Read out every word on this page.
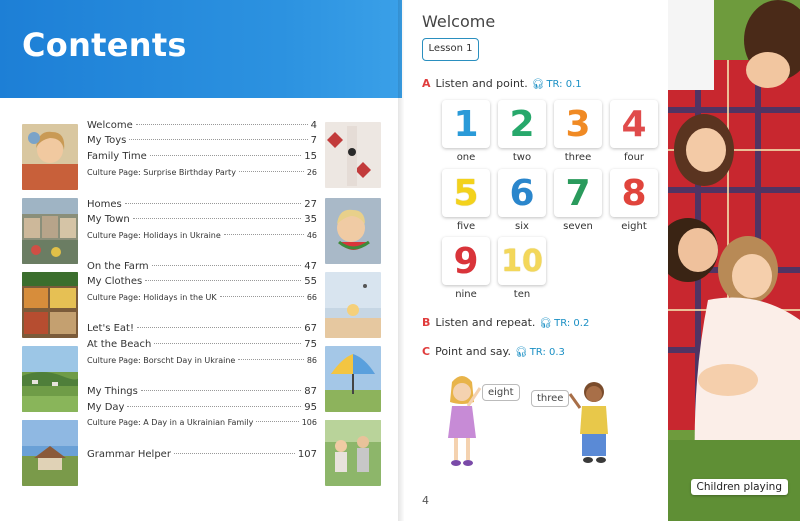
Contents
Welcome	4
My Toys	7
Family Time	15
Culture Page: Surprise Birthday Party	26
Homes	27
My Town	35
Culture Page: Holidays in Ukraine	46
On the Farm	47
My Clothes	55
Culture Page: Holidays in the UK	66
Let's Eat!	67
At the Beach	75
Culture Page: Borscht Day in Ukraine	86
My Things	87
My Day	95
Culture Page: A Day in a Ukrainian Family	106
Grammar Helper	107
Welcome
Lesson 1
A Listen and point. 🎧︎ TR: 0.1
1 2 3 4
one	two	three	four
5 6 7 8
five	six	seven	eight
9 10
nine	ten
B Listen and repeat. 🎧︎ TR: 0.2
C Point and say. 🎧︎ TR: 0.3
eight
three
4
Children playing
